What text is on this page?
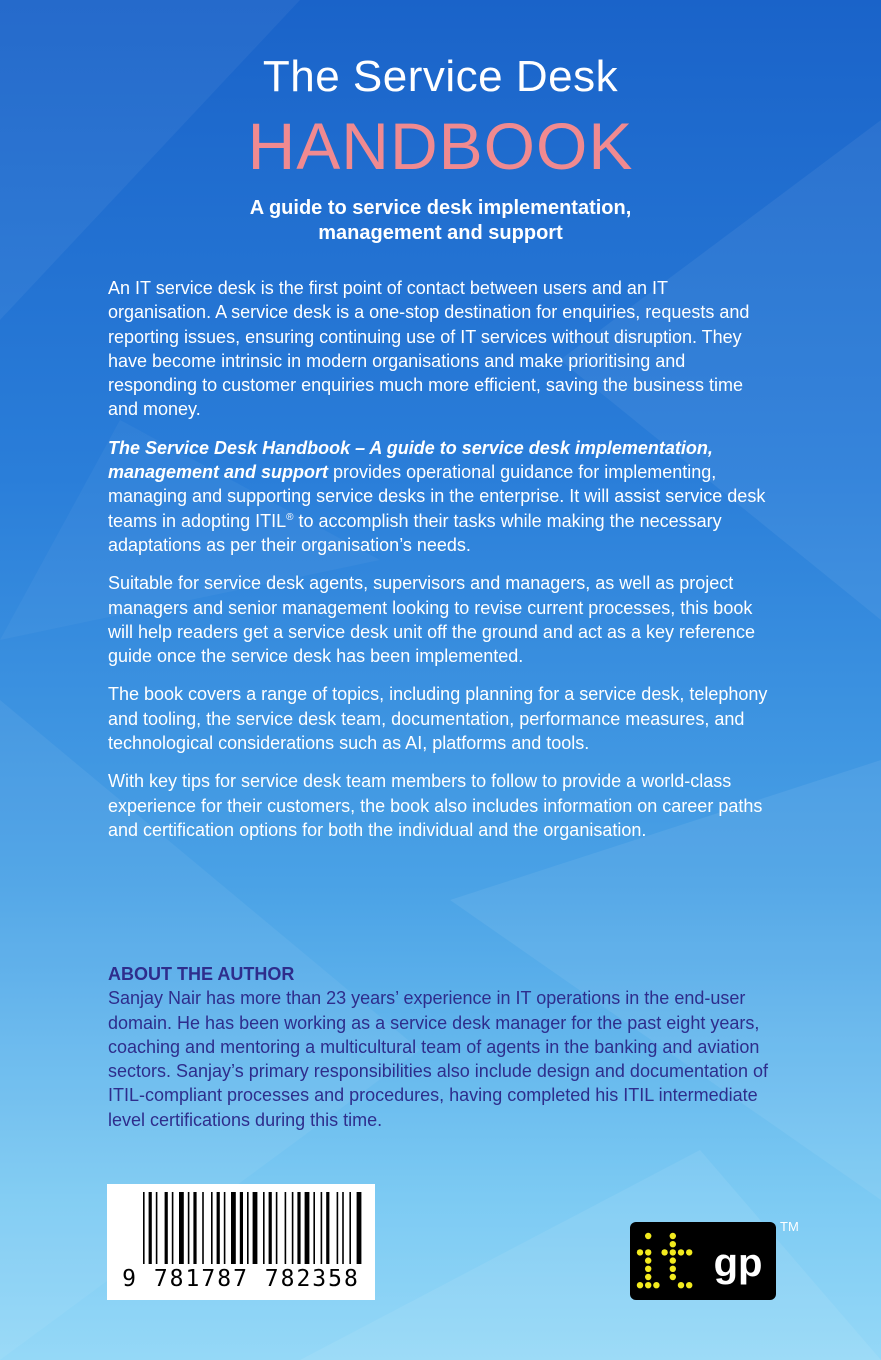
The Service Desk
HANDBOOK
A guide to service desk implementation,
management and support

An IT service desk is the first point of contact between users and an IT organisation. A service desk is a one-stop destination for enquiries, requests and reporting issues, ensuring continuing use of IT services without disruption. They have become intrinsic in modern organisations and make prioritising and responding to customer enquiries much more efficient, saving the business time and money.

The Service Desk Handbook – A guide to service desk implementation, management and support provides operational guidance for implementing, managing and supporting service desks in the enterprise. It will assist service desk teams in adopting ITIL® to accomplish their tasks while making the necessary adaptations as per their organisation’s needs.

Suitable for service desk agents, supervisors and managers, as well as project managers and senior management looking to revise current processes, this book will help readers get a service desk unit off the ground and act as a key reference guide once the service desk has been implemented.

The book covers a range of topics, including planning for a service desk, telephony and tooling, the service desk team, documentation, performance measures, and technological considerations such as AI, platforms and tools.

With key tips for service desk team members to follow to provide a world-class experience for their customers, the book also includes information on career paths and certification options for both the individual and the organisation.

ABOUT THE AUTHOR

Sanjay Nair has more than 23 years’ experience in IT operations in the end-user domain. He has been working as a service desk manager for the past eight years, coaching and mentoring a multicultural team of agents in the banking and aviation sectors. Sanjay’s primary responsibilities also include design and documentation of ITIL-compliant processes and procedures, having completed his ITIL intermediate level certifications during this time.

9 781787 782358	gp
TM
